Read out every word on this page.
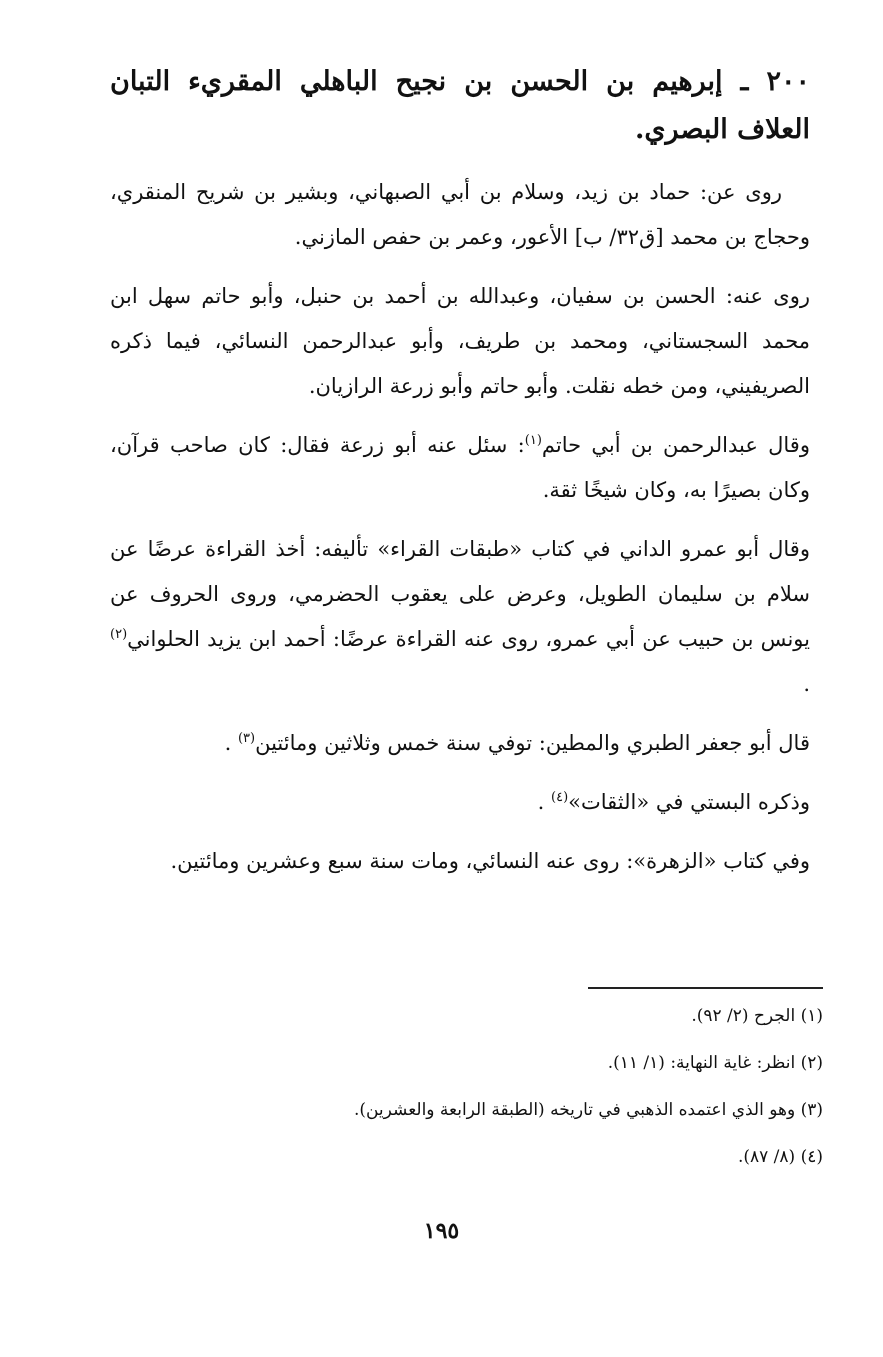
٢٠٠ ـ إبرهيم بن الحسن بن نجيح الباهلي المقريء التبان العلاف البصري.

روى عن: حماد بن زيد، وسلام بن أبي الصبهاني، وبشير بن شريح المنقري، وحجاج بن محمد [ق٣٢/ ب] الأعور، وعمر بن حفص المازني.

روى عنه: الحسن بن سفيان، وعبدالله بن أحمد بن حنبل، وأبو حاتم سهل ابن محمد السجستاني، ومحمد بن طريف، وأبو عبدالرحمن النسائي، فيما ذكره الصريفيني، ومن خطه نقلت. وأبو حاتم وأبو زرعة الرازيان.

وقال عبدالرحمن بن أبي حاتم$^{(١)}$: سئل عنه أبو زرعة فقال: كان صاحب قرآن، وكان بصيرًا به، وكان شيخًا ثقة.

وقال أبو عمرو الداني في كتاب «طبقات القراء» تأليفه: أخذ القراءة عرضًا عن سلام بن سليمان الطويل، وعرض على يعقوب الحضرمي، وروى الحروف عن يونس بن حبيب عن أبي عمرو، روى عنه القراءة عرضًا: أحمد ابن يزيد الحلواني$^{(٢)}$ .

قال أبو جعفر الطبري والمطين: توفي سنة خمس وثلاثين ومائتين$^{(٣)}$ .

وذكره البستي في «الثقات»$^{(٤)}$ .

وفي كتاب «الزهرة»: روى عنه النسائي، ومات سنة سبع وعشرين ومائتين.

(١) الجرح (٢/ ٩٢).
(٢) انظر: غاية النهاية: (١/ ١١).
(٣) وهو الذي اعتمده الذهبي في تاريخه (الطبقة الرابعة والعشرين).
(٤) (٨/ ٨٧).
١٩٥
